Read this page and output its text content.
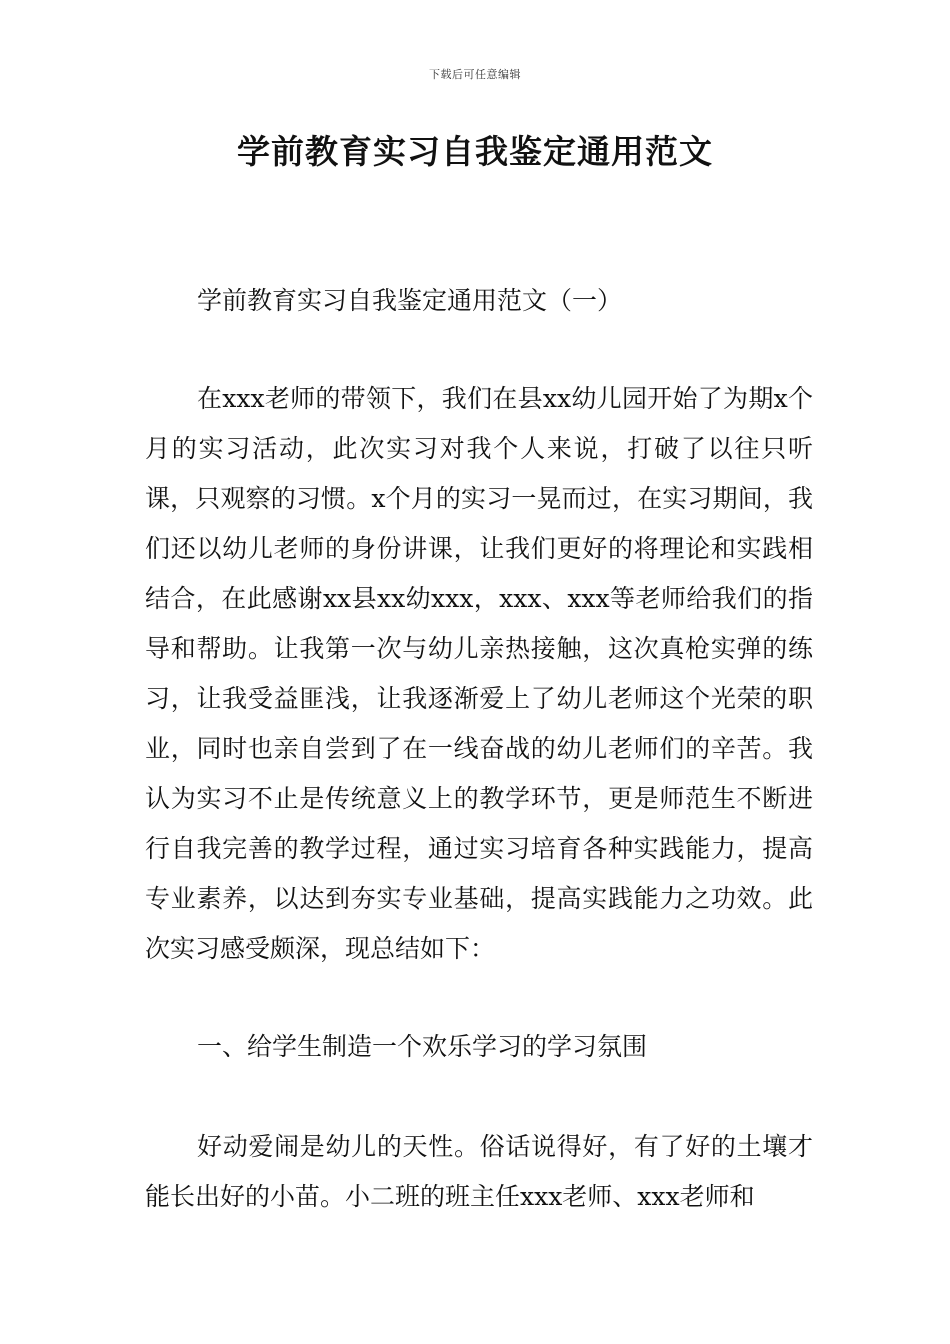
下载后可任意编辑
学前教育实习自我鉴定通用范文
学前教育实习自我鉴定通用范文（一）
在xxx老师的带领下，我们在县xx幼儿园开始了为期x个月的实习活动，此次实习对我个人来说，打破了以往只听课，只观察的习惯。x个月的实习一晃而过，在实习期间，我们还以幼儿老师的身份讲课，让我们更好的将理论和实践相结合，在此感谢xx县xx幼xxx，xxx、xxx等老师给我们的指导和帮助。让我第一次与幼儿亲热接触，这次真枪实弹的练习，让我受益匪浅，让我逐渐爱上了幼儿老师这个光荣的职业，同时也亲自尝到了在一线奋战的幼儿老师们的辛苦。我认为实习不止是传统意义上的教学环节，更是师范生不断进行自我完善的教学过程，通过实习培育各种实践能力，提高专业素养，以达到夯实专业基础，提高实践能力之功效。此次实习感受颇深，现总结如下：
一、给学生制造一个欢乐学习的学习氛围
好动爱闹是幼儿的天性。俗话说得好，有了好的土壤才能长出好的小苗。小二班的班主任xxx老师、xxx老师和
